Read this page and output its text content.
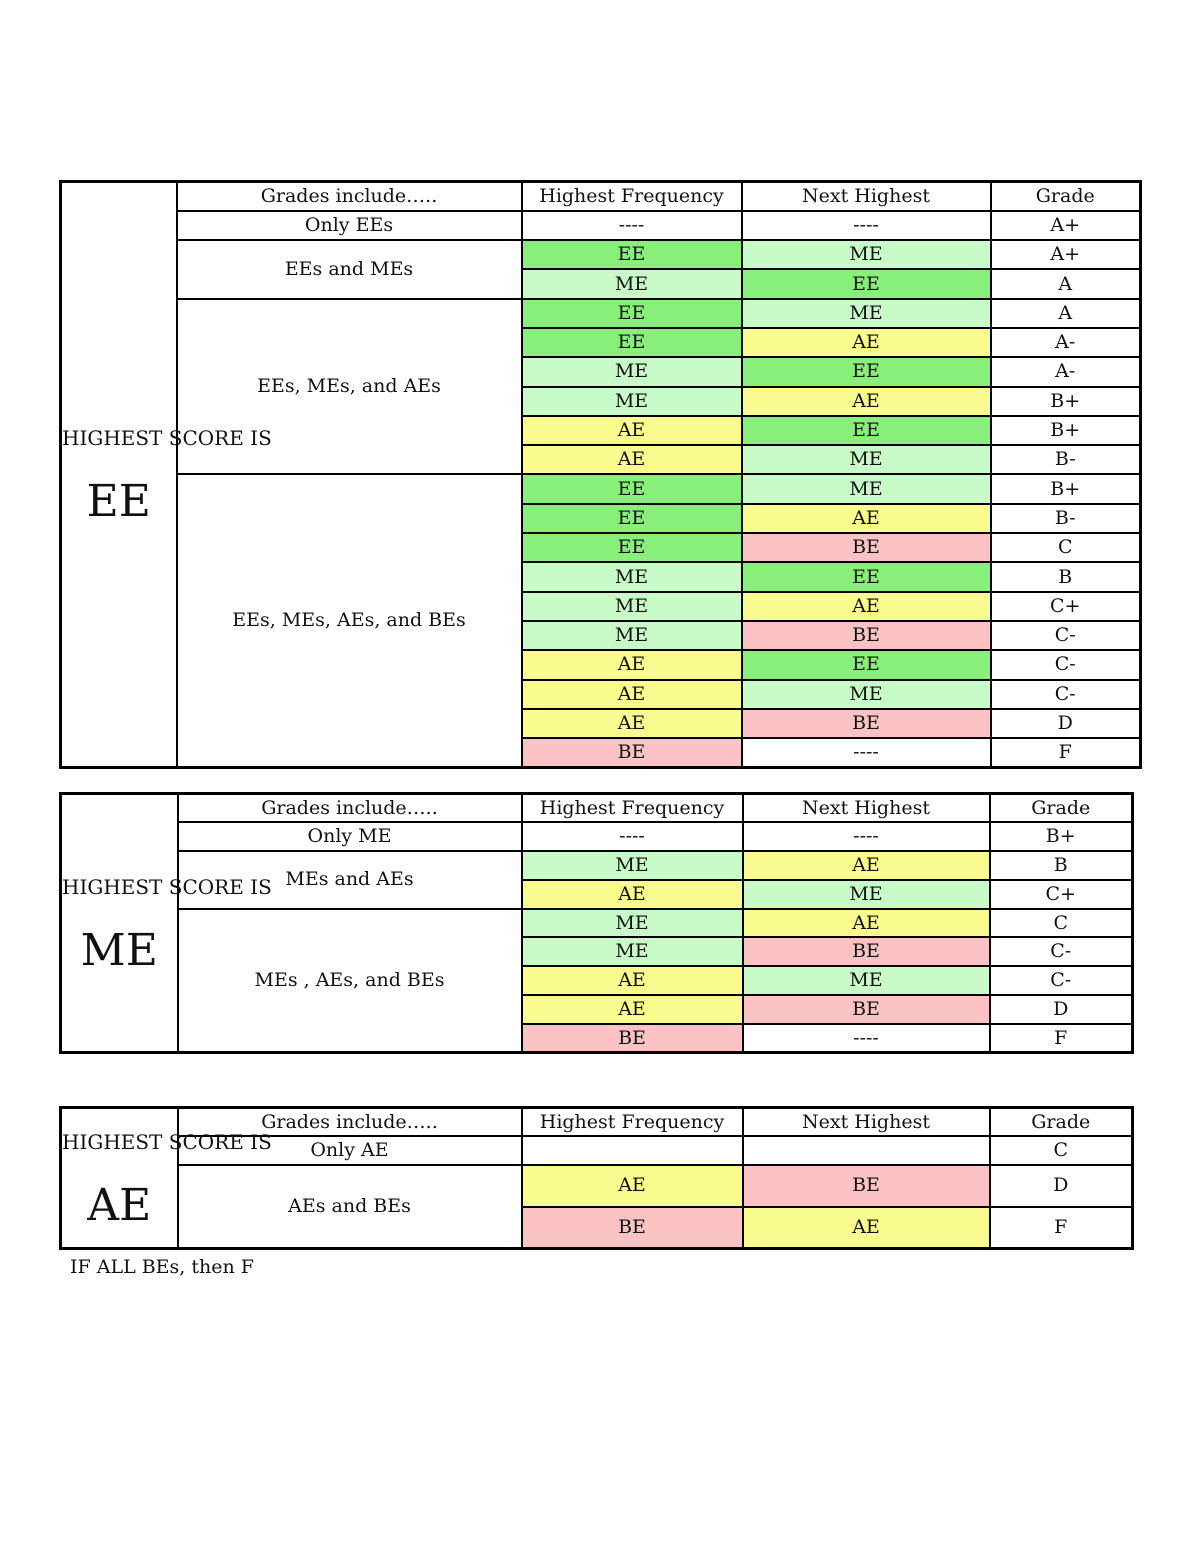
HIGHEST SCORE IS
EE	Grades include…..	Highest Frequency	Next Highest	Grade
	Only EEs	----	----	A+
	EEs and MEs	EE	ME	A+
		ME	EE	A
	EEs, MEs, and AEs	EE	ME	A
		EE	AE	A-
		ME	EE	A-
		ME	AE	B+
		AE	EE	B+
		AE	ME	B-
	EEs, MEs, AEs, and BEs	EE	ME	B+
		EE	AE	B-
		EE	BE	C
		ME	EE	B
		ME	AE	C+
		ME	BE	C-
		AE	EE	C-
		AE	ME	C-
		AE	BE	D
		BE	----	F
HIGHEST SCORE IS
ME	Grades include…..	Highest Frequency	Next Highest	Grade
	Only ME	----	----	B+
	MEs and AEs	ME	AE	B
		AE	ME	C+
	MEs , AEs, and BEs	ME	AE	C
		ME	BE	C-
		AE	ME	C-
		AE	BE	D
		BE	----	F
HIGHEST SCORE IS
AE	Grades include…..	Highest Frequency	Next Highest	Grade
	Only AE			C
	AEs and BEs	AE	BE	D
		BE	AE	F
IF ALL BEs, then F
